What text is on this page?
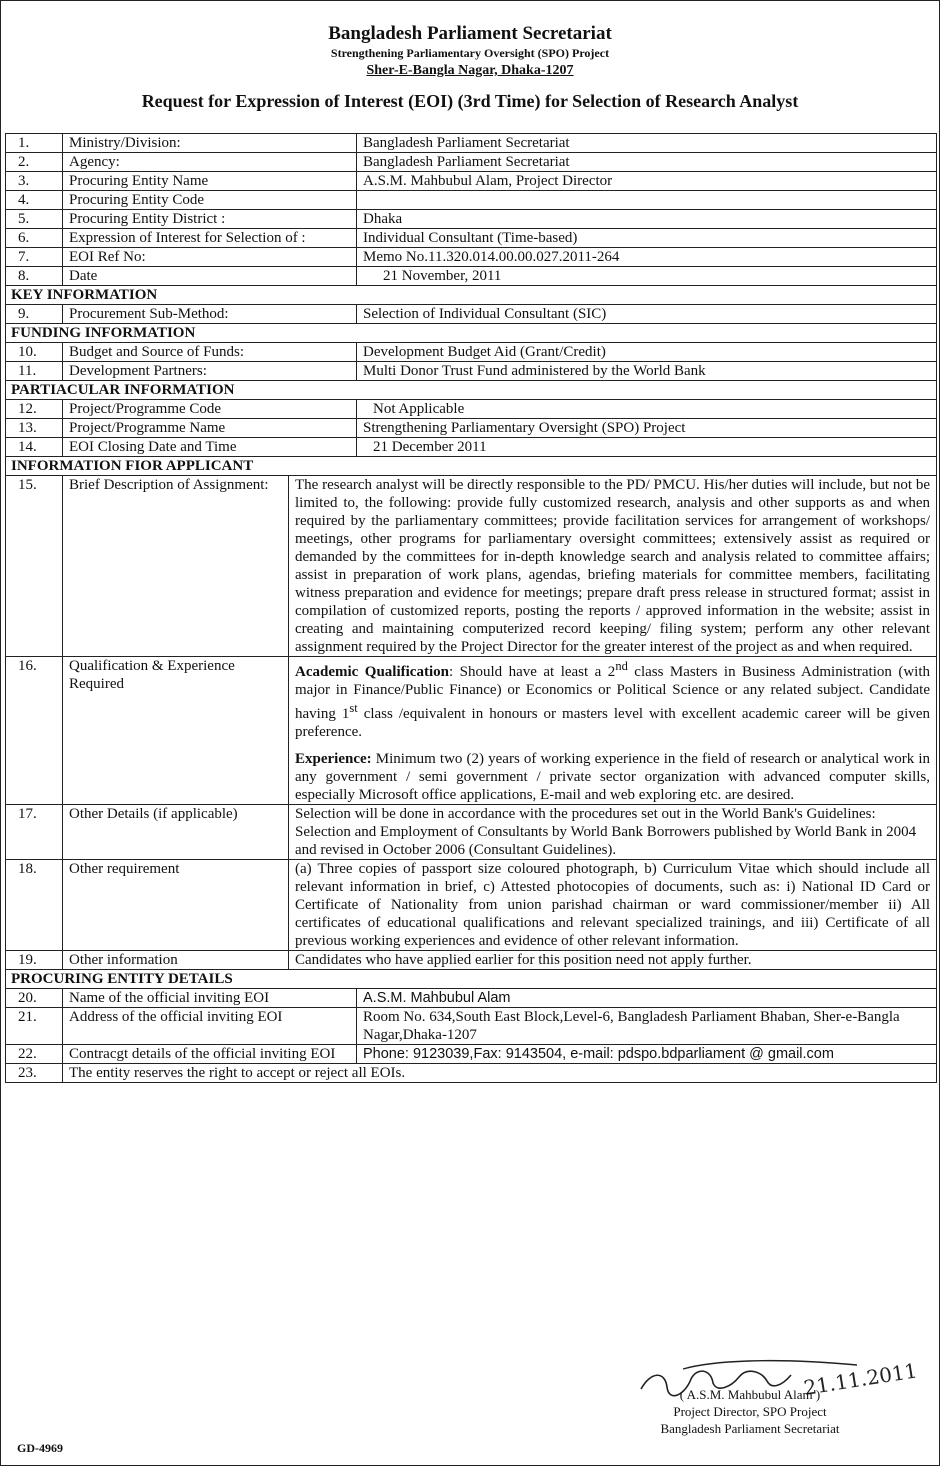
Bangladesh Parliament Secretariat
Strengthening Parliamentary Oversight (SPO) Project
Sher-E-Bangla Nagar, Dhaka-1207
Request for Expression of Interest (EOI) (3rd Time) for Selection of Research Analyst
1.	Ministry/Division:		Bangladesh Parliament Secretariat
2.	Agency:		Bangladesh Parliament Secretariat
3.	Procuring Entity Name		A.S.M. Mahbubul Alam, Project Director
4.	Procuring Entity Code		
5.	Procuring Entity District :		Dhaka
6.	Expression of Interest for Selection of :		Individual Consultant (Time-based)
7.	EOI Ref No:		Memo No.11.320.014.00.00.027.2011-264
8.	Date		21 November, 2011
KEY INFORMATION			
9.	Procurement Sub-Method:		Selection of Individual Consultant (SIC)
FUNDING INFORMATION			
10.	Budget and Source of Funds:		Development Budget Aid (Grant/Credit)
11.	Development Partners:		Multi Donor Trust Fund administered by the World Bank
PARTIACULAR INFORMATION			
12.	Project/Programme Code		Not Applicable
13.	Project/Programme Name		Strengthening Parliamentary Oversight (SPO) Project
14.	EOI Closing Date and Time		21 December 2011
INFORMATION FIOR APPLICANT			
15.	Brief Description of Assignment:	The research analyst will be directly responsible to the PD/ PMCU. His/her duties will include, but not be limited to, the following: provide fully customized research, analysis and other supports as and when required by the parliamentary committees; provide facilitation services for arrangement of workshops/ meetings, other programs for parliamentary oversight committees; extensively assist as required or demanded by the committees for in-depth knowledge search and analysis related to committee affairs; assist in preparation of work plans, agendas, briefing materials for committee members, facilitating witness preparation and evidence for meetings; prepare draft press release in structured format; assist in compilation of customized reports, posting the reports / approved information in the website; assist in creating and maintaining computerized record keeping/ filing system; perform any other relevant assignment required by the Project Director for the greater interest of the project as and when required.	
16.	Qualification & Experience Required	Academic Qualification: Should have at least a 2nd class Masters in Business Administration (with major in Finance/Public Finance) or Economics or Political Science or any related subject. Candidate having 1st class /equivalent in honours or masters level with excellent academic career will be given preference.
Experience: Minimum two (2) years of working experience in the field of research or analytical work in any government / semi government / private sector organization with advanced computer skills, especially Microsoft office applications, E-mail and web exploring etc. are desired.	

17.	Other Details (if applicable)	Selection will be done in accordance with the procedures set out in the World Bank's Guidelines: Selection and Employment of Consultants by World Bank Borrowers published by World Bank in 2004 and revised in October 2006 (Consultant Guidelines).	
18.	Other requirement	(a) Three copies of passport size coloured photograph, b) Curriculum Vitae which should include all relevant information in brief, c) Attested photocopies of documents, such as: i) National ID Card or Certificate of Nationality from union parishad chairman or ward commissioner/member ii) All certificates of educational qualifications and relevant specialized trainings, and iii) Certificate of all previous working experiences and evidence of other relevant information.	
19.	Other information	Candidates who have applied earlier for this position need not apply further.	
PROCURING ENTITY DETAILS			
20.	Name of the official inviting EOI		A.S.M. Mahbubul Alam
21.	Address of the official inviting EOI		Room No. 634,South East Block,Level-6, Bangladesh Parliament Bhaban, Sher-e-Bangla Nagar,Dhaka-1207
22.	Contracgt details of the official inviting EOI		Phone: 9123039,Fax: 9143504, e-mail: pdspo.bdparliament @ gmail.com
23.	The entity reserves the right to accept or reject all EOIs.		
21.11.2011
( A.S.M. Mahbubul Alam )
Project Director, SPO Project
Bangladesh Parliament Secretariat
GD-4969
